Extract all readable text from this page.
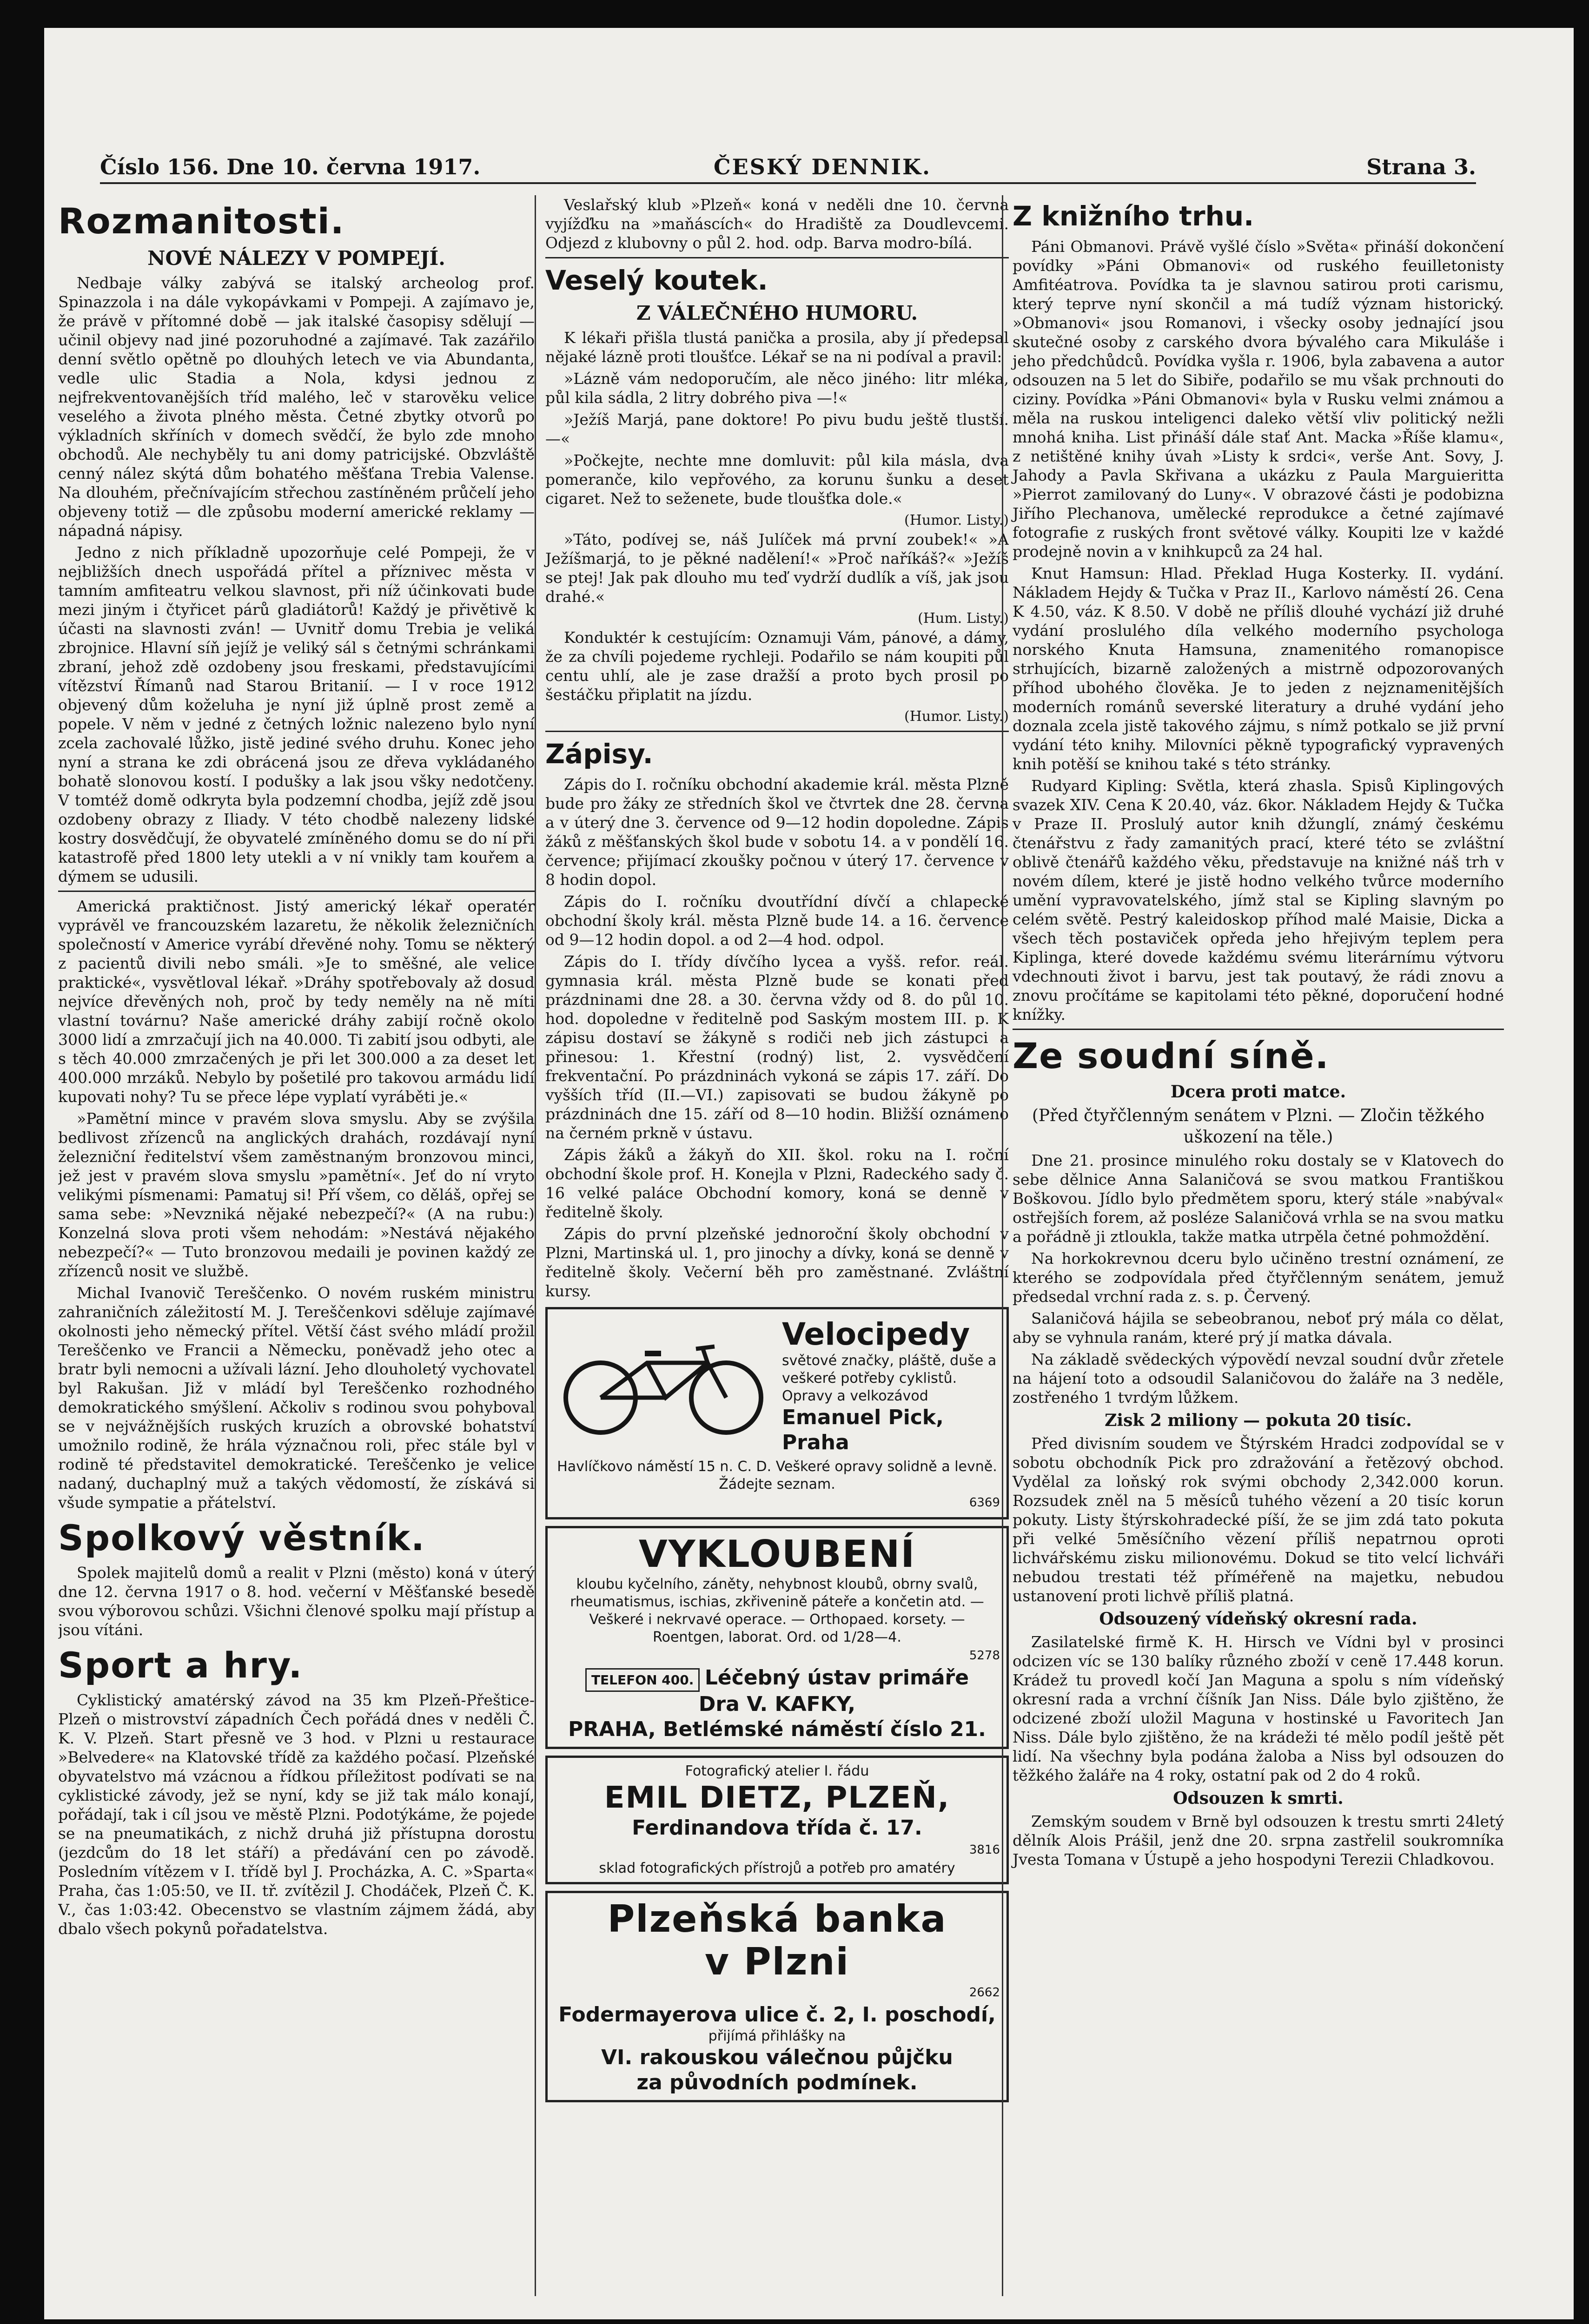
Číslo 156. Dne 10. června 1917.	ČESKÝ DENNIK.	Strana 3.
Rozmanitosti.
NOVÉ NÁLEZY V POMPEJÍ.

Nedbaje války zabývá se italský archeolog prof. Spinazzola i na dále vykopávkami v Pompeji. A zajímavo je, že právě v přítomné době — jak italské časopisy sdělují — učinil objevy nad jiné pozoruhodné a zajímavé. Tak zazářilo denní světlo opětně po dlouhých letech ve via Abundanta, vedle ulic Stadia a Nola, kdysi jednou z nejfrekventovanějších tříd malého, leč v starověku velice veselého a života plného města. Četné zbytky otvorů po výkladních skříních v domech svědčí, že bylo zde mnoho obchodů. Ale nechyběly tu ani domy patricijské. Obzvláště cenný nález skýtá dům bohatého měšťana Trebia Valense. Na dlouhém, přečnívajícím střechou zastíněném průčelí jeho objeveny totiž — dle způsobu moderní americké reklamy — nápadná nápisy.

Jedno z nich příkladně upozorňuje celé Pompeji, že v nejbližších dnech uspořádá přítel a příznivec města v tamním amfiteatru velkou slavnost, při níž účinkovati bude mezi jiným i čtyřicet párů gladiátorů! Každý je přivětivě k účasti na slavnosti zván! — Uvnitř domu Trebia je veliká zbrojnice. Hlavní síň jejíž je veliký sál s četnými schránkami zbraní, jehož zdě ozdobeny jsou freskami, představujícími vítězství Římanů nad Starou Britanií. — I v roce 1912 objevený dům koželuha je nyní již úplně prost země a popele. V něm v jedné z četných ložnic nalezeno bylo nyní zcela zachovalé lůžko, jistě jediné svého druhu. Konec jeho nyní a strana ke zdi obrácená jsou ze dřeva vykládaného bohatě slonovou kostí. I podušky a lak jsou všky nedotčeny. V tomtéž domě odkryta byla podzemní chodba, jejíž zdě jsou ozdobeny obrazy z Iliady. V této chodbě nalezeny lidské kostry dosvědčují, že obyvatelé zmíněného domu se do ní při katastrofě před 1800 lety utekli a v ní vnikly tam kouřem a dýmem se udusili.

Americká praktičnost. Jistý americký lékař operatér vyprávěl ve francouzském lazaretu, že několik železničních společností v Americe vyrábí dřevěné nohy. Tomu se některý z pacientů divili nebo smáli. »Je to směšné, ale velice praktické«, vysvětloval lékař. »Dráhy spotřebovaly až dosud nejvíce dřevěných noh, proč by tedy neměly na ně míti vlastní továrnu? Naše americké dráhy zabijí ročně okolo 3000 lidí a zmrzačují jich na 40.000. Ti zabití jsou odbyti, ale s těch 40.000 zmrzačených je při let 300.000 a za deset let 400.000 mrzáků. Nebylo by pošetilé pro takovou armádu lidí kupovati nohy? Tu se přece lépe vyplatí vyráběti je.«

»Pamětní mince v pravém slova smyslu. Aby se zvýšila bedlivost zřízenců na anglických drahách, rozdávají nyní železniční ředitelství všem zaměstnaným bronzovou minci, jež jest v pravém slova smyslu »pamětní«. Jeť do ní vryto velikými písmenami: Pamatuj si! Pří všem, co děláš, opřej se sama sebe: »Nevzniká nějaké nebezpečí?« (A na rubu:) Konzelná slova proti všem nehodám: »Nestává nějakého nebezpečí?« — Tuto bronzovou medaili je povinen každý ze zřízenců nosit ve službě.

Michal Ivanovič Tereščenko. O novém ruském ministru zahraničních záležitostí M. J. Tereščenkovi sděluje zajímavé okolnosti jeho německý přítel. Větší část svého mládí prožil Tereščenko ve Francii a Německu, poněvadž jeho otec a bratr byli nemocni a užívali lázní. Jeho dlouholetý vychovatel byl Rakušan. Již v mládí byl Tereščenko rozhodného demokratického smýšlení. Ačkoliv s rodinou svou pohyboval se v nejvážnějších ruských kruzích a obrovské bohatství umožnilo rodině, že hrála význačnou roli, přec stále byl v rodině té představitel demokratické. Tereščenko je velice nadaný, duchaplný muž a takých vědomostí, že získává si všude sympatie a přátelství.

Spolkový věstník.

Spolek majitelů domů a realit v Plzni (město) koná v úterý dne 12. června 1917 o 8. hod. večerní v Měšťanské besedě svou výborovou schůzi. Všichni členové spolku mají přístup a jsou vítáni.

Sport a hry.

Cyklistický amatérský závod na 35 km Plzeň-Přeštice-Plzeň o mistrovství západních Čech pořádá dnes v neděli Č. K. V. Plzeň. Start přesně ve 3 hod. v Plzni u restaurace »Belvedere« na Klatovské třídě za každého počasí. Plzeňské obyvatelstvo má vzácnou a řídkou příležitost podívati se na cyklistické závody, jež se nyní, kdy se již tak málo konají, pořádají, tak i cíl jsou ve městě Plzni. Podotýkáme, že pojede se na pneumatikách, z nichž druhá již přístupna dorostu (jezdcům do 18 let stáří) a předávání cen po závodě. Posledním vítězem v I. třídě byl J. Procházka, A. C. »Sparta« Praha, čas 1:05:50, ve II. tř. zvítězil J. Chodáček, Plzeň Č. K. V., čas 1:03:42. Obecenstvo se vlastním zájmem žádá, aby dbalo všech pokynů pořadatelstva.

Veslařský klub »Plzeň« koná v neděli dne 10. června vyjížďku na »maňáscích« do Hradiště za Doudlevcemi. Odjezd z klubovny o půl 2. hod. odp. Barva modro-bílá.

Veselý koutek.
Z VÁLEČNÉHO HUMORU.

K lékaři přišla tlustá panička a prosila, aby jí předepsal nějaké lázně proti tloušťce. Lékař se na ni podíval a pravil:

»Lázně vám nedoporučím, ale něco jiného: litr mléka, půl kila sádla, 2 litry dobrého piva —!«

»Ježíš Marjá, pane doktore! Po pivu budu ještě tlustší. —«

»Počkejte, nechte mne domluvit: půl kila másla, dva pomeranče, kilo vepřového, za korunu šunku a deset cigaret. Než to seženete, bude tloušťka dole.«

(Humor. Listy.)

»Táto, podívej se, náš Julíček má první zoubek!« »A Ježíšmarjá, to je pěkné nadělení!« »Proč naříkáš?« »Ježíš se ptej! Jak pak dlouho mu teď vydrží dudlík a víš, jak jsou drahé.«

(Hum. Listy.)

Konduktér k cestujícím: Oznamuji Vám, pánové, a dámy, že za chvíli pojedeme rychleji. Podařilo se nám koupiti půl centu uhlí, ale je zase dražší a proto bych prosil po šestáčku připlatit na jízdu.

(Humor. Listy.)
Zápisy.

Zápis do I. ročníku obchodní akademie král. města Plzně bude pro žáky ze středních škol ve čtvrtek dne 28. června a v úterý dne 3. července od 9—12 hodin dopoledne. Zápis žáků z měšťanských škol bude v sobotu 14. a v pondělí 16. července; přijímací zkoušky počnou v úterý 17. července v 8 hodin dopol.

Zápis do I. ročníku dvoutřídní dívčí a chlapecké obchodní školy král. města Plzně bude 14. a 16. července od 9—12 hodin dopol. a od 2—4 hod. odpol.

Zápis do I. třídy dívčího lycea a vyšš. refor. reál. gymnasia král. města Plzně bude se konati před prázdninami dne 28. a 30. června vždy od 8. do půl 10. hod. dopoledne v ředitelně pod Saským mostem III. p. K zápisu dostaví se žákyně s rodiči neb jich zástupci a přinesou: 1. Křestní (rodný) list, 2. vysvědčení frekventační. Po prázdninách vykoná se zápis 17. září. Do vyšších tříd (II.—VI.) zapisovati se budou žákyně po prázdninách dne 15. září od 8—10 hodin. Bližší oznámeno na černém prkně v ústavu.

Zápis žáků a žákyň do XII. škol. roku na I. roční obchodní škole prof. H. Konejla v Plzni, Radeckého sady č. 16 velké paláce Obchodní komory, koná se denně v ředitelně školy.

Zápis do první plzeňské jednoroční školy obchodní v Plzni, Martinská ul. 1, pro jinochy a dívky, koná se denně v ředitelně školy. Večerní běh pro zaměstnané. Zvláštní kursy.

Velocipedy
světové značky, pláště, duše a veškeré potřeby cyklistů. Opravy a velkozávod
Emanuel Pick, Praha
Havlíčkovo náměstí 15 n. C. D. Veškeré opravy solidně a levně. Žádejte seznam.
6369
VYKLOUBENÍ
kloubu kyčelního, záněty, nehybnost kloubů, obrny svalů, rheumatismus, ischias, zkřivenině páteře a končetin atd. — Veškeré i nekrvavé operace. — Orthopaed. korsety. — Roentgen, laborat. Ord. od 1/28—4.
5278
TELEFON 400. Léčebný ústav primáře
Dra V. KAFKY,
PRAHA, Betlémské náměstí číslo 21.
Fotografický atelier I. řádu
EMIL DIETZ, PLZEŇ,
Ferdinandova třída č. 17.
3816
sklad fotografických přístrojů a potřeb pro amatéry
Plzeňská banka
v Plzni
2662
Fodermayerova ulice č. 2, I. poschodí,
přijímá přihlášky na
VI. rakouskou válečnou půjčku
za původních podmínek.
Z knižního trhu.

Páni Obmanovi. Právě vyšlé číslo »Světa« přináší dokončení povídky »Páni Obmanovi« od ruského feuilletonisty Amfitéatrova. Povídka ta je slavnou satirou proti carismu, který teprve nyní skončil a má tudíž význam historický. »Obmanovi« jsou Romanovi, i všecky osoby jednající jsou skutečné osoby z carského dvora bývalého cara Mikuláše i jeho předchůdců. Povídka vyšla r. 1906, byla zabavena a autor odsouzen na 5 let do Sibiře, podařilo se mu však prchnouti do ciziny. Povídka »Páni Obmanovi« byla v Rusku velmi známou a měla na ruskou inteligenci daleko větší vliv politický nežli mnohá kniha. List přináší dále stať Ant. Macka »Říše klamu«, z netištěné knihy úvah »Listy k srdci«, verše Ant. Sovy, J. Jahody a Pavla Skřivana a ukázku z Paula Marguieritta »Pierrot zamilovaný do Luny«. V obrazové části je podobizna Jiřího Plechanova, umělecké reprodukce a četné zajímavé fotografie z ruských front světové války. Koupiti lze v každé prodejně novin a v knihkupců za 24 hal.

Knut Hamsun: Hlad. Překlad Huga Kosterky. II. vydání. Nákladem Hejdy & Tučka v Praz II., Karlovo náměstí 26. Cena K 4.50, váz. K 8.50. V době ne příliš dlouhé vychází již druhé vydání proslulého díla velkého moderního psychologa norského Knuta Hamsuna, znamenitého romanopisce strhujících, bizarně založených a mistrně odpozorovaných příhod ubohého člověka. Je to jeden z nejznamenitějších moderních románů severské literatury a druhé vydání jeho doznala zcela jistě takového zájmu, s nímž potkalo se již první vydání této knihy. Milovníci pěkně typografický vypravených knih potěší se knihou také s této stránky.

Rudyard Kipling: Světla, která zhasla. Spisů Kiplingových svazek XIV. Cena K 20.40, váz. 6kor. Nákladem Hejdy & Tučka v Praze II. Proslulý autor knih džunglí, známý českému čtenářstvu z řady zamanitých prací, které této se zvláštní oblivě čtenářů každého věku, představuje na knižné náš trh v novém dílem, které je jistě hodno velkého tvůrce moderního umění vypravovatelského, jímž stal se Kipling slavným po celém světě. Pestrý kaleidoskop příhod malé Maisie, Dicka a všech těch postaviček opředa jeho hřejivým teplem pera Kiplinga, které dovede každému svému literárnímu výtvoru vdechnouti život i barvu, jest tak poutavý, že rádi znovu a znovu pročítáme se kapitolami této pěkné, doporučení hodné knížky.

Ze soudní síně.
Dcera proti matce.
(Před čtyřčlenným senátem v Plzni. — Zločin těžkého uškození na těle.)

Dne 21. prosince minulého roku dostaly se v Klatovech do sebe dělnice Anna Salaničová se svou matkou Františkou Boškovou. Jídlo bylo předmětem sporu, který stále »nabýval« ostřejších forem, až posléze Salaničová vrhla se na svou matku a pořádně ji ztloukla, takže matka utrpěla četné pohmoždění.

Na horkokrevnou dceru bylo učiněno trestní oznámení, ze kterého se zodpovídala před čtyřčlenným senátem, jemuž předsedal vrchní rada z. s. p. Červený.

Salaničová hájila se sebeobranou, neboť prý mála co dělat, aby se vyhnula ranám, které prý jí matka dávala.

Na základě svědeckých výpovědí nevzal soudní dvůr zřetele na hájení toto a odsoudil Salaničovou do žaláře na 3 neděle, zostřeného 1 tvrdým lůžkem.

Zisk 2 miliony — pokuta 20 tisíc.

Před divisním soudem ve Štýrském Hradci zodpovídal se v sobotu obchodník Pick pro zdražování a řetězový obchod. Vydělal za loňský rok svými obchody 2,342.000 korun. Rozsudek zněl na 5 měsíců tuhého vězení a 20 tisíc korun pokuty. Listy štýrskohradecké píší, že se jim zdá tato pokuta při velké 5měsíčního vězení příliš nepatrnou oproti lichvářskému zisku milionovému. Dokud se tito velcí lichváři nebudou trestati též příméřeně na majetku, nebudou ustanovení proti lichvě příliš platná.

Odsouzený vídeňský okresní rada.

Zasilatelské firmě K. H. Hirsch ve Vídni byl v prosinci odcizen víc se 130 balíky různého zboží v ceně 17.448 korun. Krádež tu provedl kočí Jan Maguna a spolu s ním vídeňský okresní rada a vrchní číšník Jan Niss. Dále bylo zjištěno, že odcizené zboží uložil Maguna v hostinské u Favoritech Jan Niss. Dále bylo zjištěno, že na krádeži té mělo podíl ještě pět lidí. Na všechny byla podána žaloba a Niss byl odsouzen do těžkého žaláře na 4 roky, ostatní pak od 2 do 4 roků.

Odsouzen k smrti.

Zemským soudem v Brně byl odsouzen k trestu smrti 24letý dělník Alois Prášil, jenž dne 20. srpna zastřelil soukromníka Jvesta Tomana v Ústupě a jeho hospodyni Terezii Chladkovou.
